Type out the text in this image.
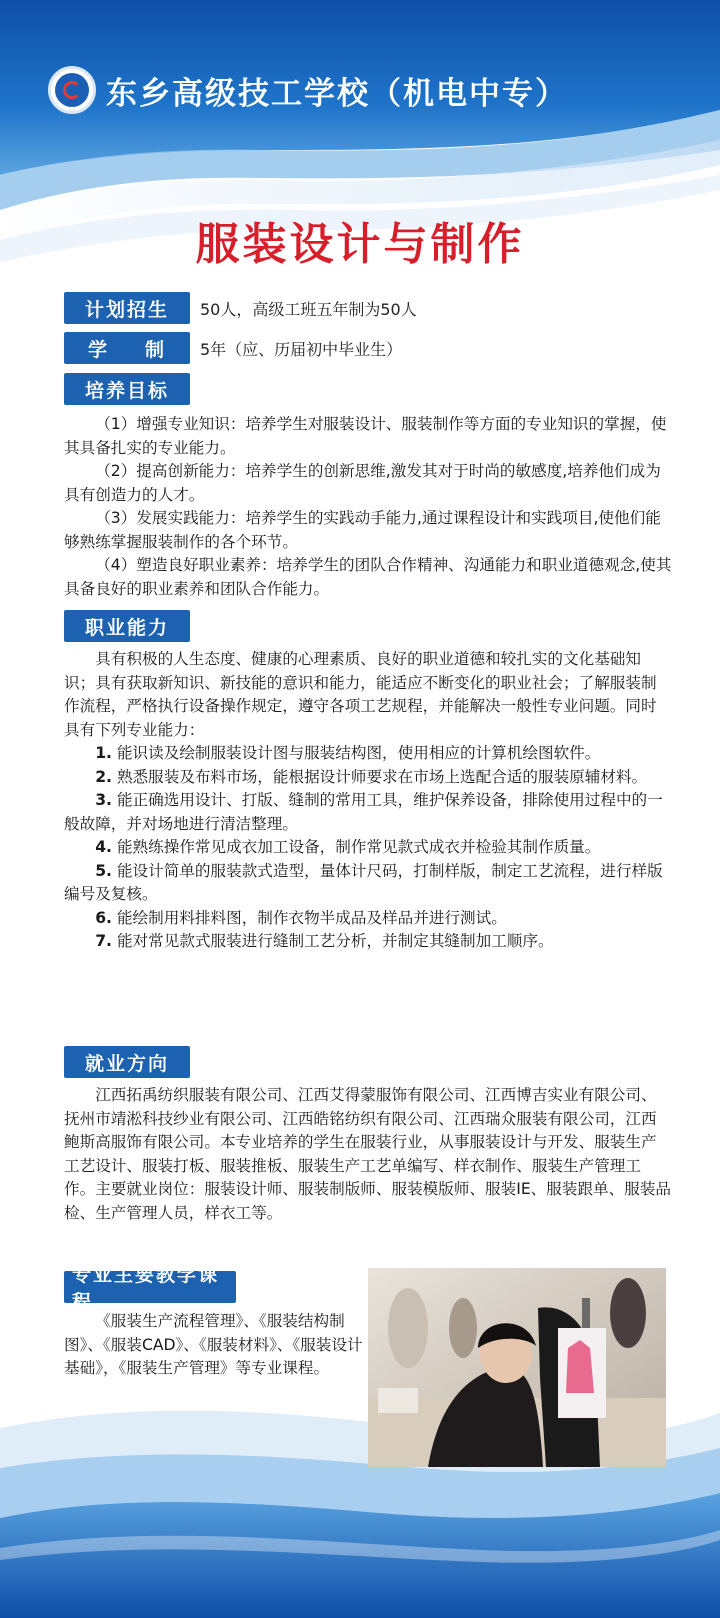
东乡高级技工学校（机电中专）
服装设计与制作
计划招生	50人，高级工班五年制为50人
学 制 5年（应、历届初中毕业生）
培养目标

（1）增强专业知识：培养学生对服装设计、服装制作等方面的专业知识的掌握，使其具备扎实的专业能力。

（2）提高创新能力：培养学生的创新思维,激发其对于时尚的敏感度,培养他们成为具有创造力的人才。

（3）发展实践能力：培养学生的实践动手能力,通过课程设计和实践项目,使他们能够熟练掌握服装制作的各个环节。

（4）塑造良好职业素养：培养学生的团队合作精神、沟通能力和职业道德观念,使其具备良好的职业素养和团队合作能力。

职业能力

具有积极的人生态度、健康的心理素质、良好的职业道德和较扎实的文化基础知识；具有获取新知识、新技能的意识和能力，能适应不断变化的职业社会；了解服装制作流程，严格执行设备操作规定，遵守各项工艺规程，并能解决一般性专业问题。同时具有下列专业能力：

1. 能识读及绘制服装设计图与服装结构图，使用相应的计算机绘图软件。

2. 熟悉服装及布料市场，能根据设计师要求在市场上选配合适的服装原辅材料。

3. 能正确选用设计、打版、缝制的常用工具，维护保养设备，排除使用过程中的一般故障，并对场地进行清洁整理。

4. 能熟练操作常见成衣加工设备，制作常见款式成衣并检验其制作质量。

5. 能设计简单的服装款式造型，量体计尺码，打制样版，制定工艺流程，进行样版编号及复核。

6. 能绘制用料排料图，制作衣物半成品及样品并进行测试。

7. 能对常见款式服装进行缝制工艺分析，并制定其缝制加工顺序。

就业方向

江西拓禹纺织服装有限公司、江西艾得蒙服饰有限公司、江西博吉实业有限公司、抚州市靖淞科技纱业有限公司、江西皓铭纺织有限公司、江西瑞众服装有限公司，江西鲍斯高服饰有限公司。本专业培养的学生在服装行业，从事服装设计与开发、服装生产工艺设计、服装打板、服装推板、服装生产工艺单编写、样衣制作、服装生产管理工作。主要就业岗位：服装设计师、服装制版师、服装模版师、服装IE、服装跟单、服装品检、生产管理人员，样衣工等。

专业主要教学课程

《服装生产流程管理》、《服装结构制图》、《服装CAD》、《服装材料》、《服装设计基础》，《服装生产管理》等专业课程。
